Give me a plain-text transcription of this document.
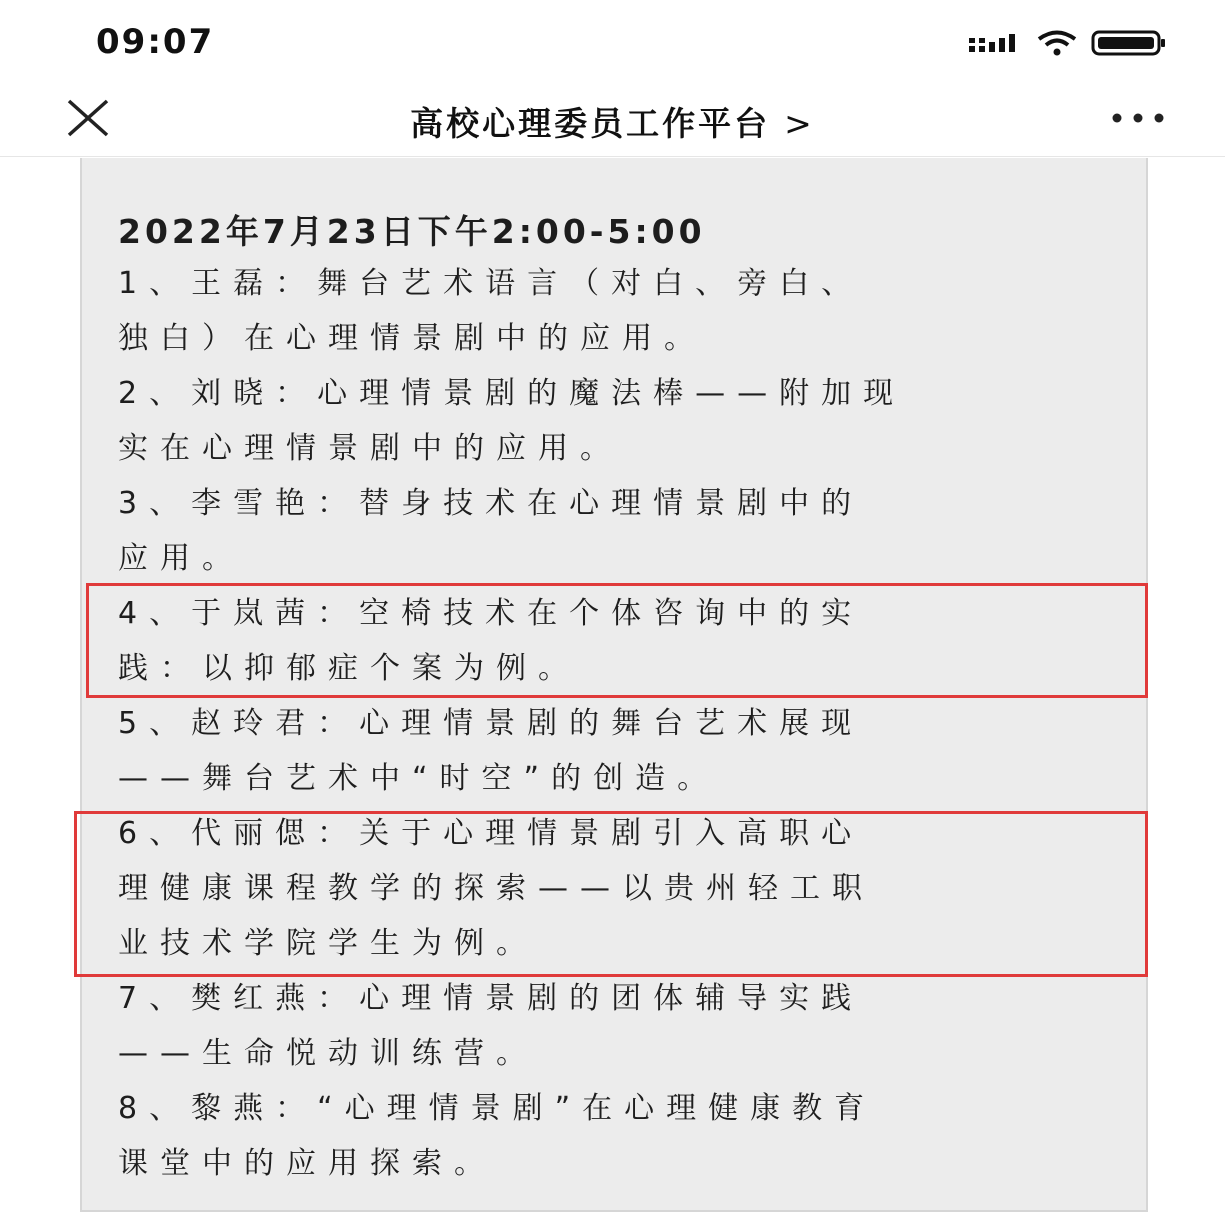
09:07
高校心理委员工作平台 >
2022年7月23日下午2:00-5:00
1、王磊：舞台艺术语言（对白、旁白、
独白）在心理情景剧中的应用。
2、刘晓：心理情景剧的魔法棒——附加现
实在心理情景剧中的应用。
3、李雪艳：替身技术在心理情景剧中的
应用。
4、于岚茜：空椅技术在个体咨询中的实
践：以抑郁症个案为例。
5、赵玲君：心理情景剧的舞台艺术展现
——舞台艺术中“时空”的创造。
6、代丽偲：关于心理情景剧引入高职心
理健康课程教学的探索——以贵州轻工职
业技术学院学生为例。
7、樊红燕：心理情景剧的团体辅导实践
——生命悦动训练营。
8、黎燕：“心理情景剧”在心理健康教育
课堂中的应用探索。
